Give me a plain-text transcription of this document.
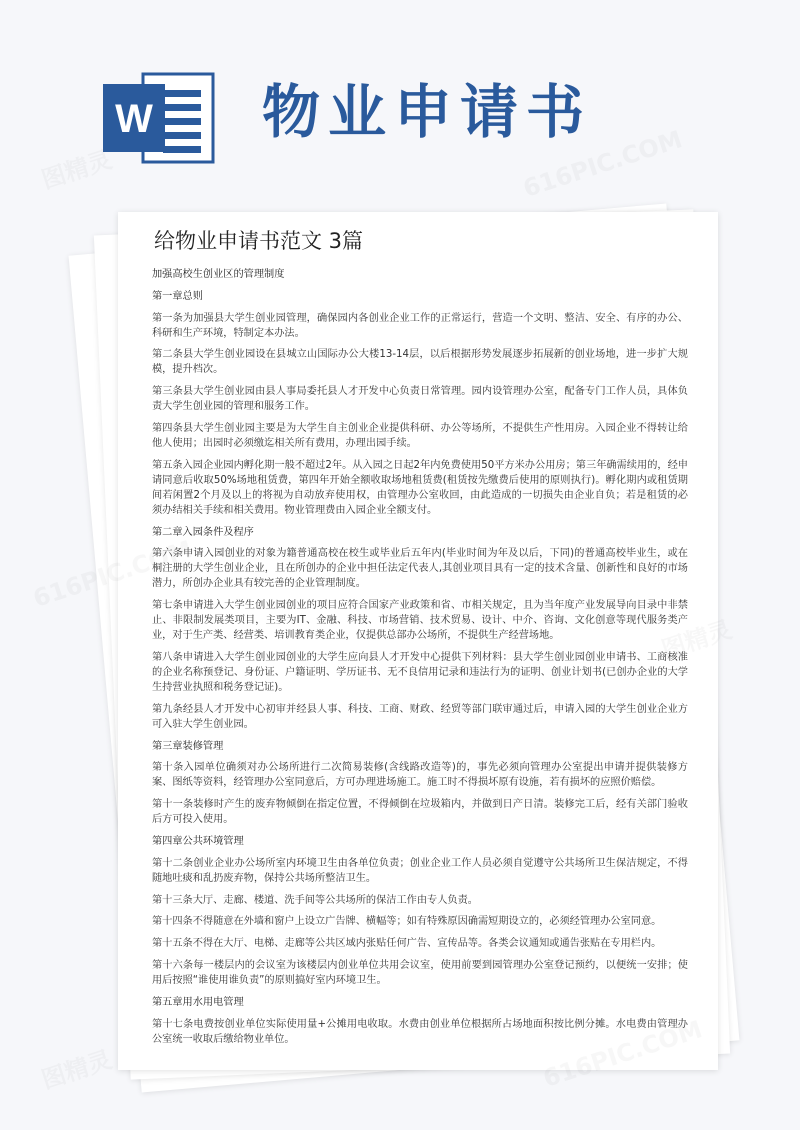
W 物业申请书
给物业申请书范文 3篇

加强高校生创业区的管理制度

第一章总则

第一条为加强县大学生创业园管理，确保园内各创业企业工作的正常运行，营造一个文明、整洁、安全、有序的办公、科研和生产环境，特制定本办法。

第二条县大学生创业园设在县城立山国际办公大楼13-14层，以后根据形势发展逐步拓展新的创业场地，进一步扩大规模，提升档次。

第三条县大学生创业园由县人事局委托县人才开发中心负责日常管理。园内设管理办公室，配备专门工作人员，具体负责大学生创业园的管理和服务工作。

第四条县大学生创业园主要是为大学生自主创业企业提供科研、办公等场所，不提供生产性用房。入园企业不得转让给他人使用；出园时必须缴迄相关所有费用，办理出园手续。

第五条入园企业园内孵化期一般不超过2年。从入园之日起2年内免费使用50平方米办公用房；第三年确需续用的，经申请同意后收取50%场地租赁费，第四年开始全额收取场地租赁费(租赁按先缴费后使用的原则执行)。孵化期内或租赁期间若闲置2个月及以上的将视为自动放弃使用权，由管理办公室收回，由此造成的一切损失由企业自负；若是租赁的必须办结相关手续和相关费用。物业管理费由入园企业全额支付。

第二章入园条件及程序

第六条申请入园创业的对象为籍普通高校在校生或毕业后五年内(毕业时间为年及以后，下同)的普通高校毕业生，或在桐注册的大学生创业企业，且在所创办的企业中担任法定代表人,其创业项目具有一定的技术含量、创新性和良好的市场潜力，所创办企业具有较完善的企业管理制度。

第七条申请进入大学生创业园创业的项目应符合国家产业政策和省、市相关规定，且为当年度产业发展导向目录中非禁止、非限制发展类项目，主要为IT、金融、科技、市场营销、技术贸易、设计、中介、咨询、文化创意等现代服务类产业，对于生产类、经营类、培训教育类企业，仅提供总部办公场所，不提供生产经营场地。

第八条申请进入大学生创业园创业的大学生应向县人才开发中心提供下列材料：县大学生创业园创业申请书、工商核准的企业名称预登记、身份证、户籍证明、学历证书、无不良信用记录和违法行为的证明、创业计划书(已创办企业的大学生持营业执照和税务登记证)。

第九条经县人才开发中心初审并经县人事、科技、工商、财政、经贸等部门联审通过后，申请入园的大学生创业企业方可入驻大学生创业园。

第三章装修管理

第十条入园单位确须对办公场所进行二次简易装修(含线路改造等)的，事先必须向管理办公室提出申请并提供装修方案、图纸等资料，经管理办公室同意后，方可办理进场施工。施工时不得损坏原有设施，若有损坏的应照价赔偿。

第十一条装修时产生的废弃物倾倒在指定位置，不得倾倒在垃圾箱内，并做到日产日清。装修完工后，经有关部门验收后方可投入使用。

第四章公共环境管理

第十二条创业企业办公场所室内环境卫生由各单位负责；创业企业工作人员必须自觉遵守公共场所卫生保洁规定，不得随地吐痰和乱扔废弃物，保持公共场所整洁卫生。

第十三条大厅、走廊、楼道、洗手间等公共场所的保洁工作由专人负责。

第十四条不得随意在外墙和窗户上设立广告牌、横幅等；如有特殊原因确需短期设立的，必须经管理办公室同意。

第十五条不得在大厅、电梯、走廊等公共区域内张贴任何广告、宣传品等。各类会议通知或通告张贴在专用栏内。

第十六条每一楼层内的会议室为该楼层内创业单位共用会议室，使用前要到园管理办公室登记预约，以便统一安排；使用后按照“谁使用谁负责”的原则搞好室内环境卫生。

第五章用水用电管理

第十七条电费按创业单位实际使用量+公摊用电收取。水费由创业单位根据所占场地面积按比例分摊。水电费由管理办公室统一收取后缴给物业单位。

图精灵	616PIC.COM
图精灵
